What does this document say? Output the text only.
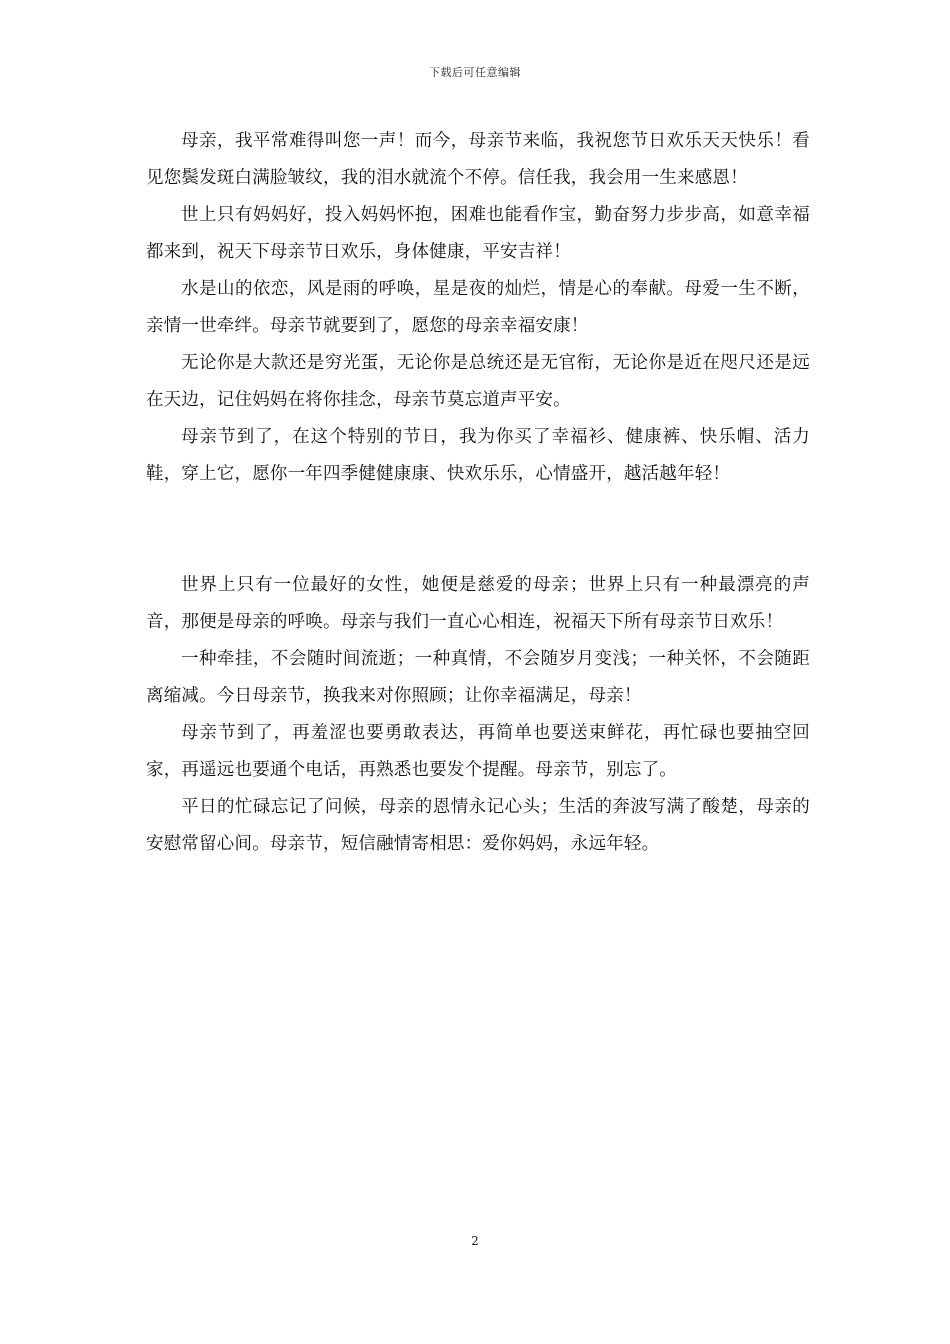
下载后可任意编辑

母亲，我平常难得叫您一声！而今，母亲节来临，我祝您节日欢乐天天快乐！看见您鬓发斑白满脸皱纹，我的泪水就流个不停。信任我，我会用一生来感恩！

世上只有妈妈好，投入妈妈怀抱，困难也能看作宝，勤奋努力步步高，如意幸福都来到，祝天下母亲节日欢乐，身体健康，平安吉祥！

水是山的依恋，风是雨的呼唤，星是夜的灿烂，情是心的奉献。母爱一生不断，亲情一世牵绊。母亲节就要到了，愿您的母亲幸福安康！

无论你是大款还是穷光蛋，无论你是总统还是无官衔，无论你是近在咫尺还是远在天边，记住妈妈在将你挂念，母亲节莫忘道声平安。

母亲节到了，在这个特别的节日，我为你买了幸福衫、健康裤、快乐帽、活力鞋，穿上它，愿你一年四季健健康康、快欢乐乐，心情盛开，越活越年轻！

世界上只有一位最好的女性，她便是慈爱的母亲；世界上只有一种最漂亮的声音，那便是母亲的呼唤。母亲与我们一直心心相连，祝福天下所有母亲节日欢乐！

一种牵挂，不会随时间流逝；一种真情，不会随岁月变浅；一种关怀，不会随距离缩减。今日母亲节，换我来对你照顾；让你幸福满足，母亲！

母亲节到了，再羞涩也要勇敢表达，再简单也要送束鲜花，再忙碌也要抽空回家，再遥远也要通个电话，再熟悉也要发个提醒。母亲节，别忘了。

平日的忙碌忘记了问候，母亲的恩情永记心头；生活的奔波写满了酸楚，母亲的安慰常留心间。母亲节，短信融情寄相思：爱你妈妈，永远年轻。

2
